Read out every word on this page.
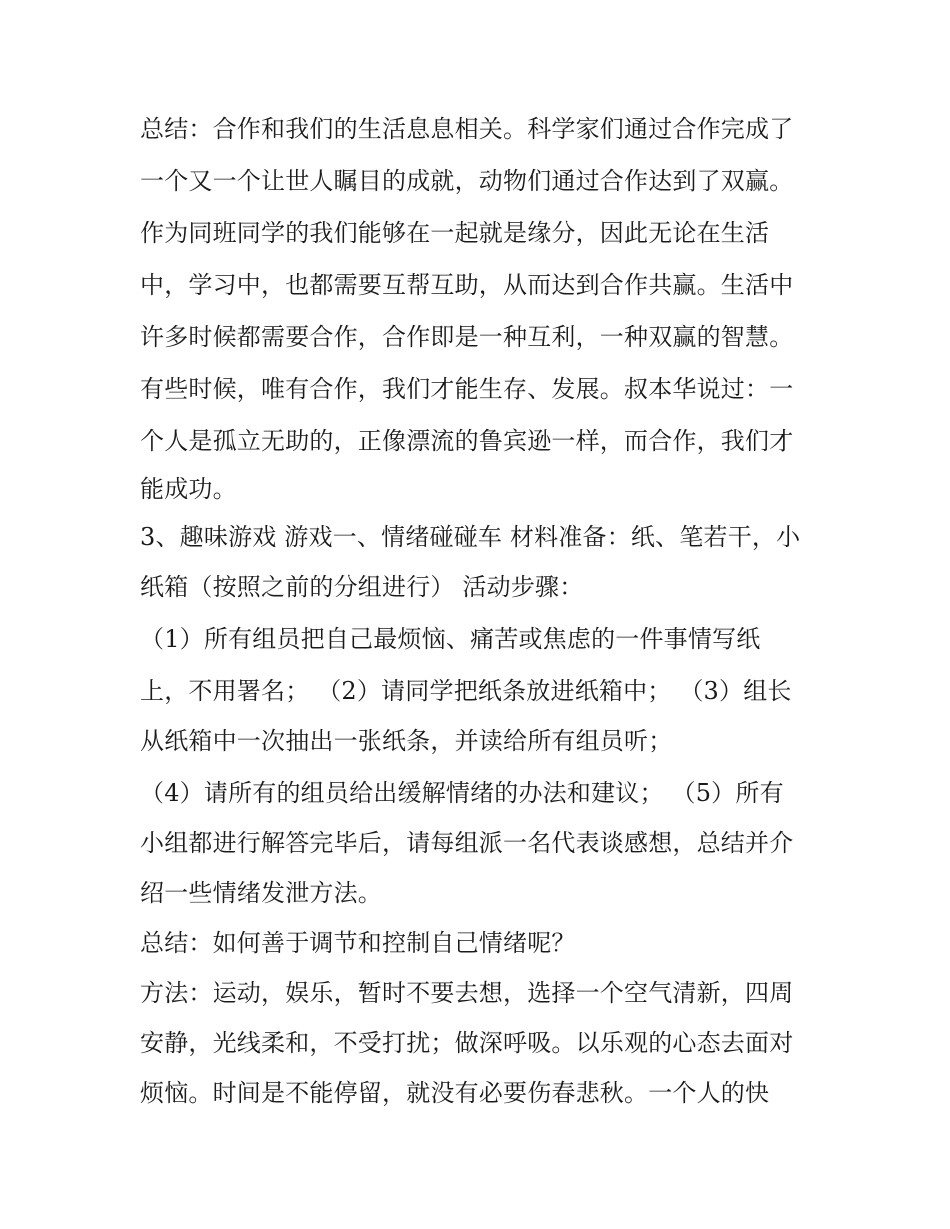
总结：合作和我们的生活息息相关。科学家们通过合作完成了
一个又一个让世人瞩目的成就，动物们通过合作达到了双赢。
作为同班同学的我们能够在一起就是缘分，因此无论在生活
中，学习中，也都需要互帮互助，从而达到合作共赢。生活中
许多时候都需要合作，合作即是一种互利，一种双赢的智慧。
有些时候，唯有合作，我们才能生存、发展。叔本华说过：一
个人是孤立无助的，正像漂流的鲁宾逊一样，而合作，我们才
能成功。
3、趣味游戏 游戏一、情绪碰碰车 材料准备：纸、笔若干，小
纸箱（按照之前的分组进行） 活动步骤：
（1）所有组员把自己最烦恼、痛苦或焦虑的一件事情写纸
上，不用署名； （2）请同学把纸条放进纸箱中； （3）组长
从纸箱中一次抽出一张纸条，并读给所有组员听；
（4）请所有的组员给出缓解情绪的办法和建议； （5）所有
小组都进行解答完毕后，请每组派一名代表谈感想，总结并介
绍一些情绪发泄方法。
总结：如何善于调节和控制自己情绪呢？
方法：运动，娱乐，暂时不要去想，选择一个空气清新，四周
安静，光线柔和，不受打扰；做深呼吸。以乐观的心态去面对
烦恼。时间是不能停留，就没有必要伤春悲秋。一个人的快
